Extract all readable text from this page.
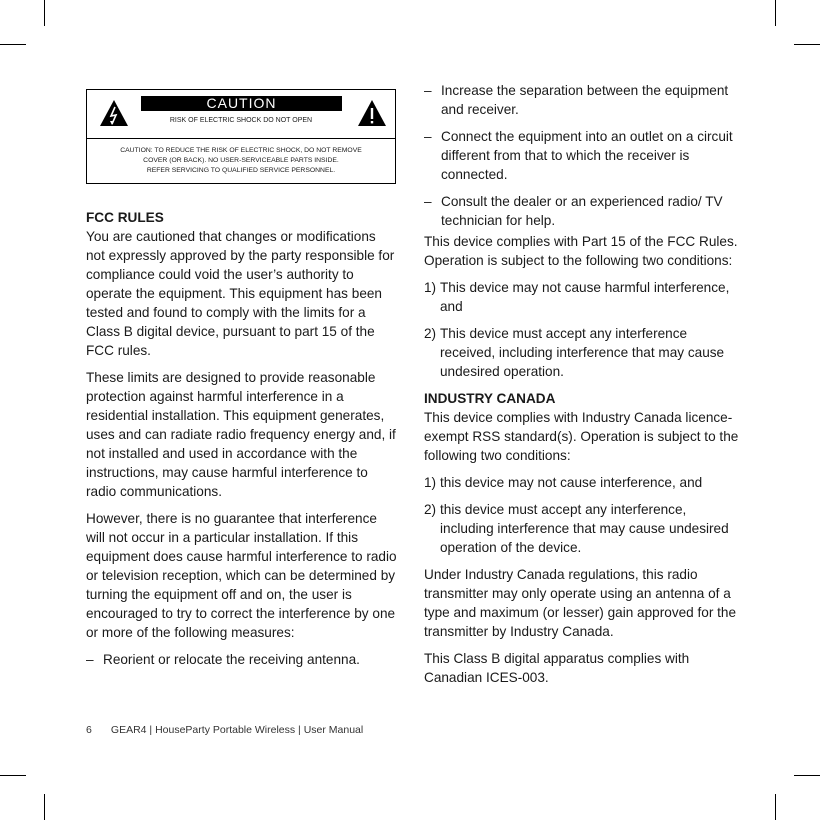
CAUTION
RISK OF ELECTRIC SHOCK DO NOT OPEN
CAUTION: TO REDUCE THE RISK OF ELECTRIC SHOCK, DO NOT REMOVE
COVER (OR BACK). NO USER-SERVICEABLE PARTS INSIDE.
REFER SERVICING TO QUALIFIED SERVICE PERSONNEL.

FCC RULES
You are cautioned that changes or modifications not expressly approved by the party responsible for compliance could void the user’s authority to operate the equipment. This equipment has been tested and found to comply with the limits for a Class B digital device, pursuant to part 15 of the FCC rules.

These limits are designed to provide reasonable protection against harmful interference in a residential installation. This equipment generates, uses and can radiate radio frequency energy and, if not installed and used in accordance with the instructions, may cause harmful interference to radio communications.

However, there is no guarantee that interference will not occur in a particular installation. If this equipment does cause harmful interference to radio or television reception, which can be determined by turning the equipment off and on, the user is encouraged to try to correct the interference by one or more of the following measures:

– Reorient or relocate the receiving antenna.
– Increase the separation between the equipment and receiver.
– Connect the equipment into an outlet on a circuit different from that to which the receiver is connected.
– Consult the dealer or an experienced radio/ TV technician for help.

This device complies with Part 15 of the FCC Rules. Operation is subject to the following two conditions:

1) This device may not cause harmful interference, and
2) This device must accept any interference received, including interference that may cause undesired operation.

INDUSTRY CANADA
This device complies with Industry Canada licence-exempt RSS standard(s). Operation is subject to the following two conditions:

1) this device may not cause interference, and
2) this device must accept any interference, including interference that may cause undesired operation of the device.

Under Industry Canada regulations, this radio transmitter may only operate using an antenna of a type and maximum (or lesser) gain approved for the transmitter by Industry Canada.

This Class B digital apparatus complies with Canadian ICES-003.

6 GEAR4 | HouseParty Portable Wireless | User Manual
